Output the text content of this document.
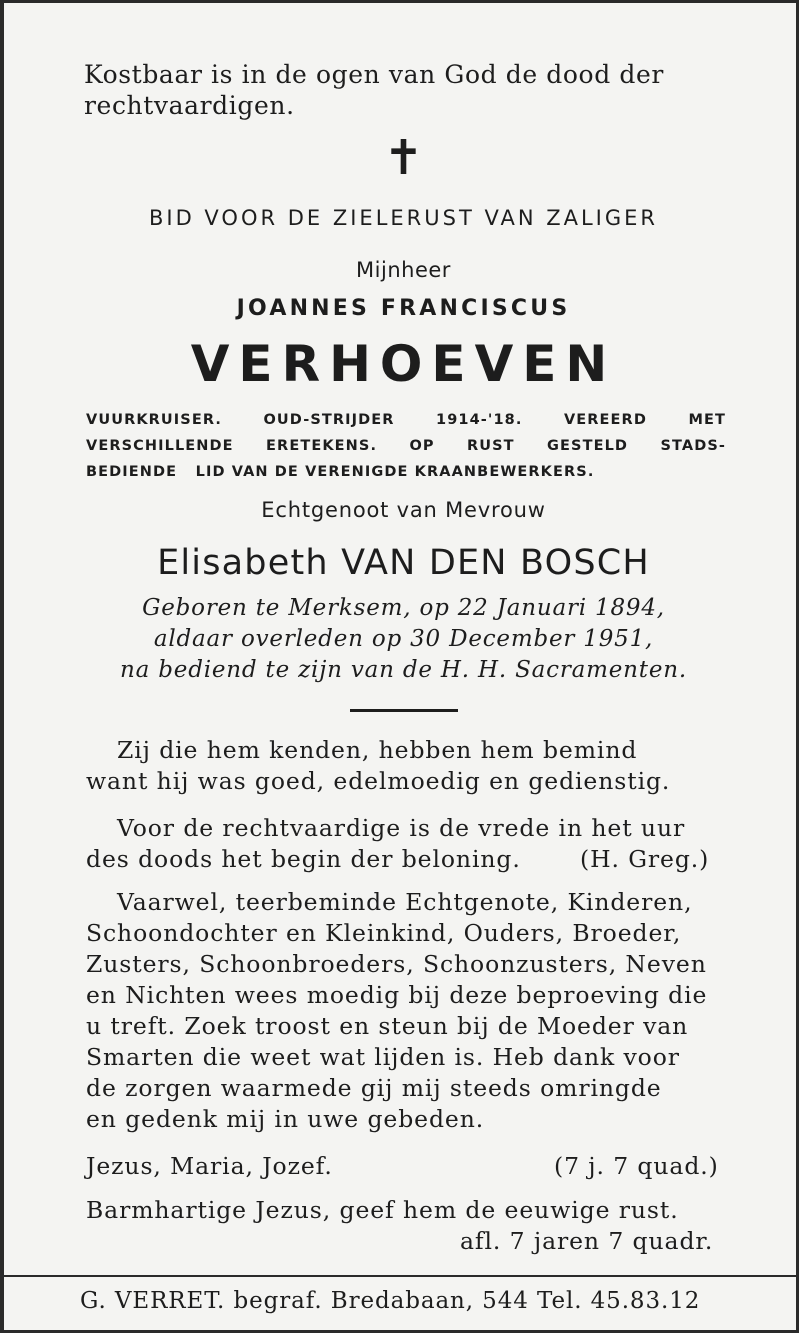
Kostbaar is in de ogen van God de dood der
rechtvaardigen.
✝
BID VOOR DE ZIELERUST VAN ZALIGER
Mijnheer
JOANNES FRANCISCUS
VERHOEVEN
VUURKRUISER. OUD-STRIJDER 1914-'18. VEREERD MET
VERSCHILLENDE ERETEKENS. OP RUST GESTELD STADS-
BEDIENDE   LID VAN DE VERENIGDE KRAANBEWERKERS.
Echtgenoot van Mevrouw
Elisabeth VAN DEN BOSCH
Geboren te Merksem, op 22 Januari 1894,
aldaar overleden op 30 December 1951,
na bediend te zijn van de H. H. Sacramenten.
Zij die hem kenden, hebben hem bemind
want hij was goed, edelmoedig en gedienstig.
Voor de rechtvaardige is de vrede in het uur
des doods het begin der beloning.	(H. Greg.)
Vaarwel, teerbeminde Echtgenote, Kinderen,
Schoondochter en Kleinkind, Ouders, Broeder,
Zusters, Schoonbroeders, Schoonzusters, Neven
en Nichten wees moedig bij deze beproeving die
u treft. Zoek troost en steun bij de Moeder van
Smarten die weet wat lijden is. Heb dank voor
de zorgen waarmede gij mij steeds omringde
en gedenk mij in uwe gebeden.
Jezus, Maria, Jozef.	(7 j. 7 quad.)
Barmhartige Jezus, geef hem de eeuwige rust.
afl. 7 jaren 7 quadr.
G. VERRET. begraf. Bredabaan, 544 Tel. 45.83.12
